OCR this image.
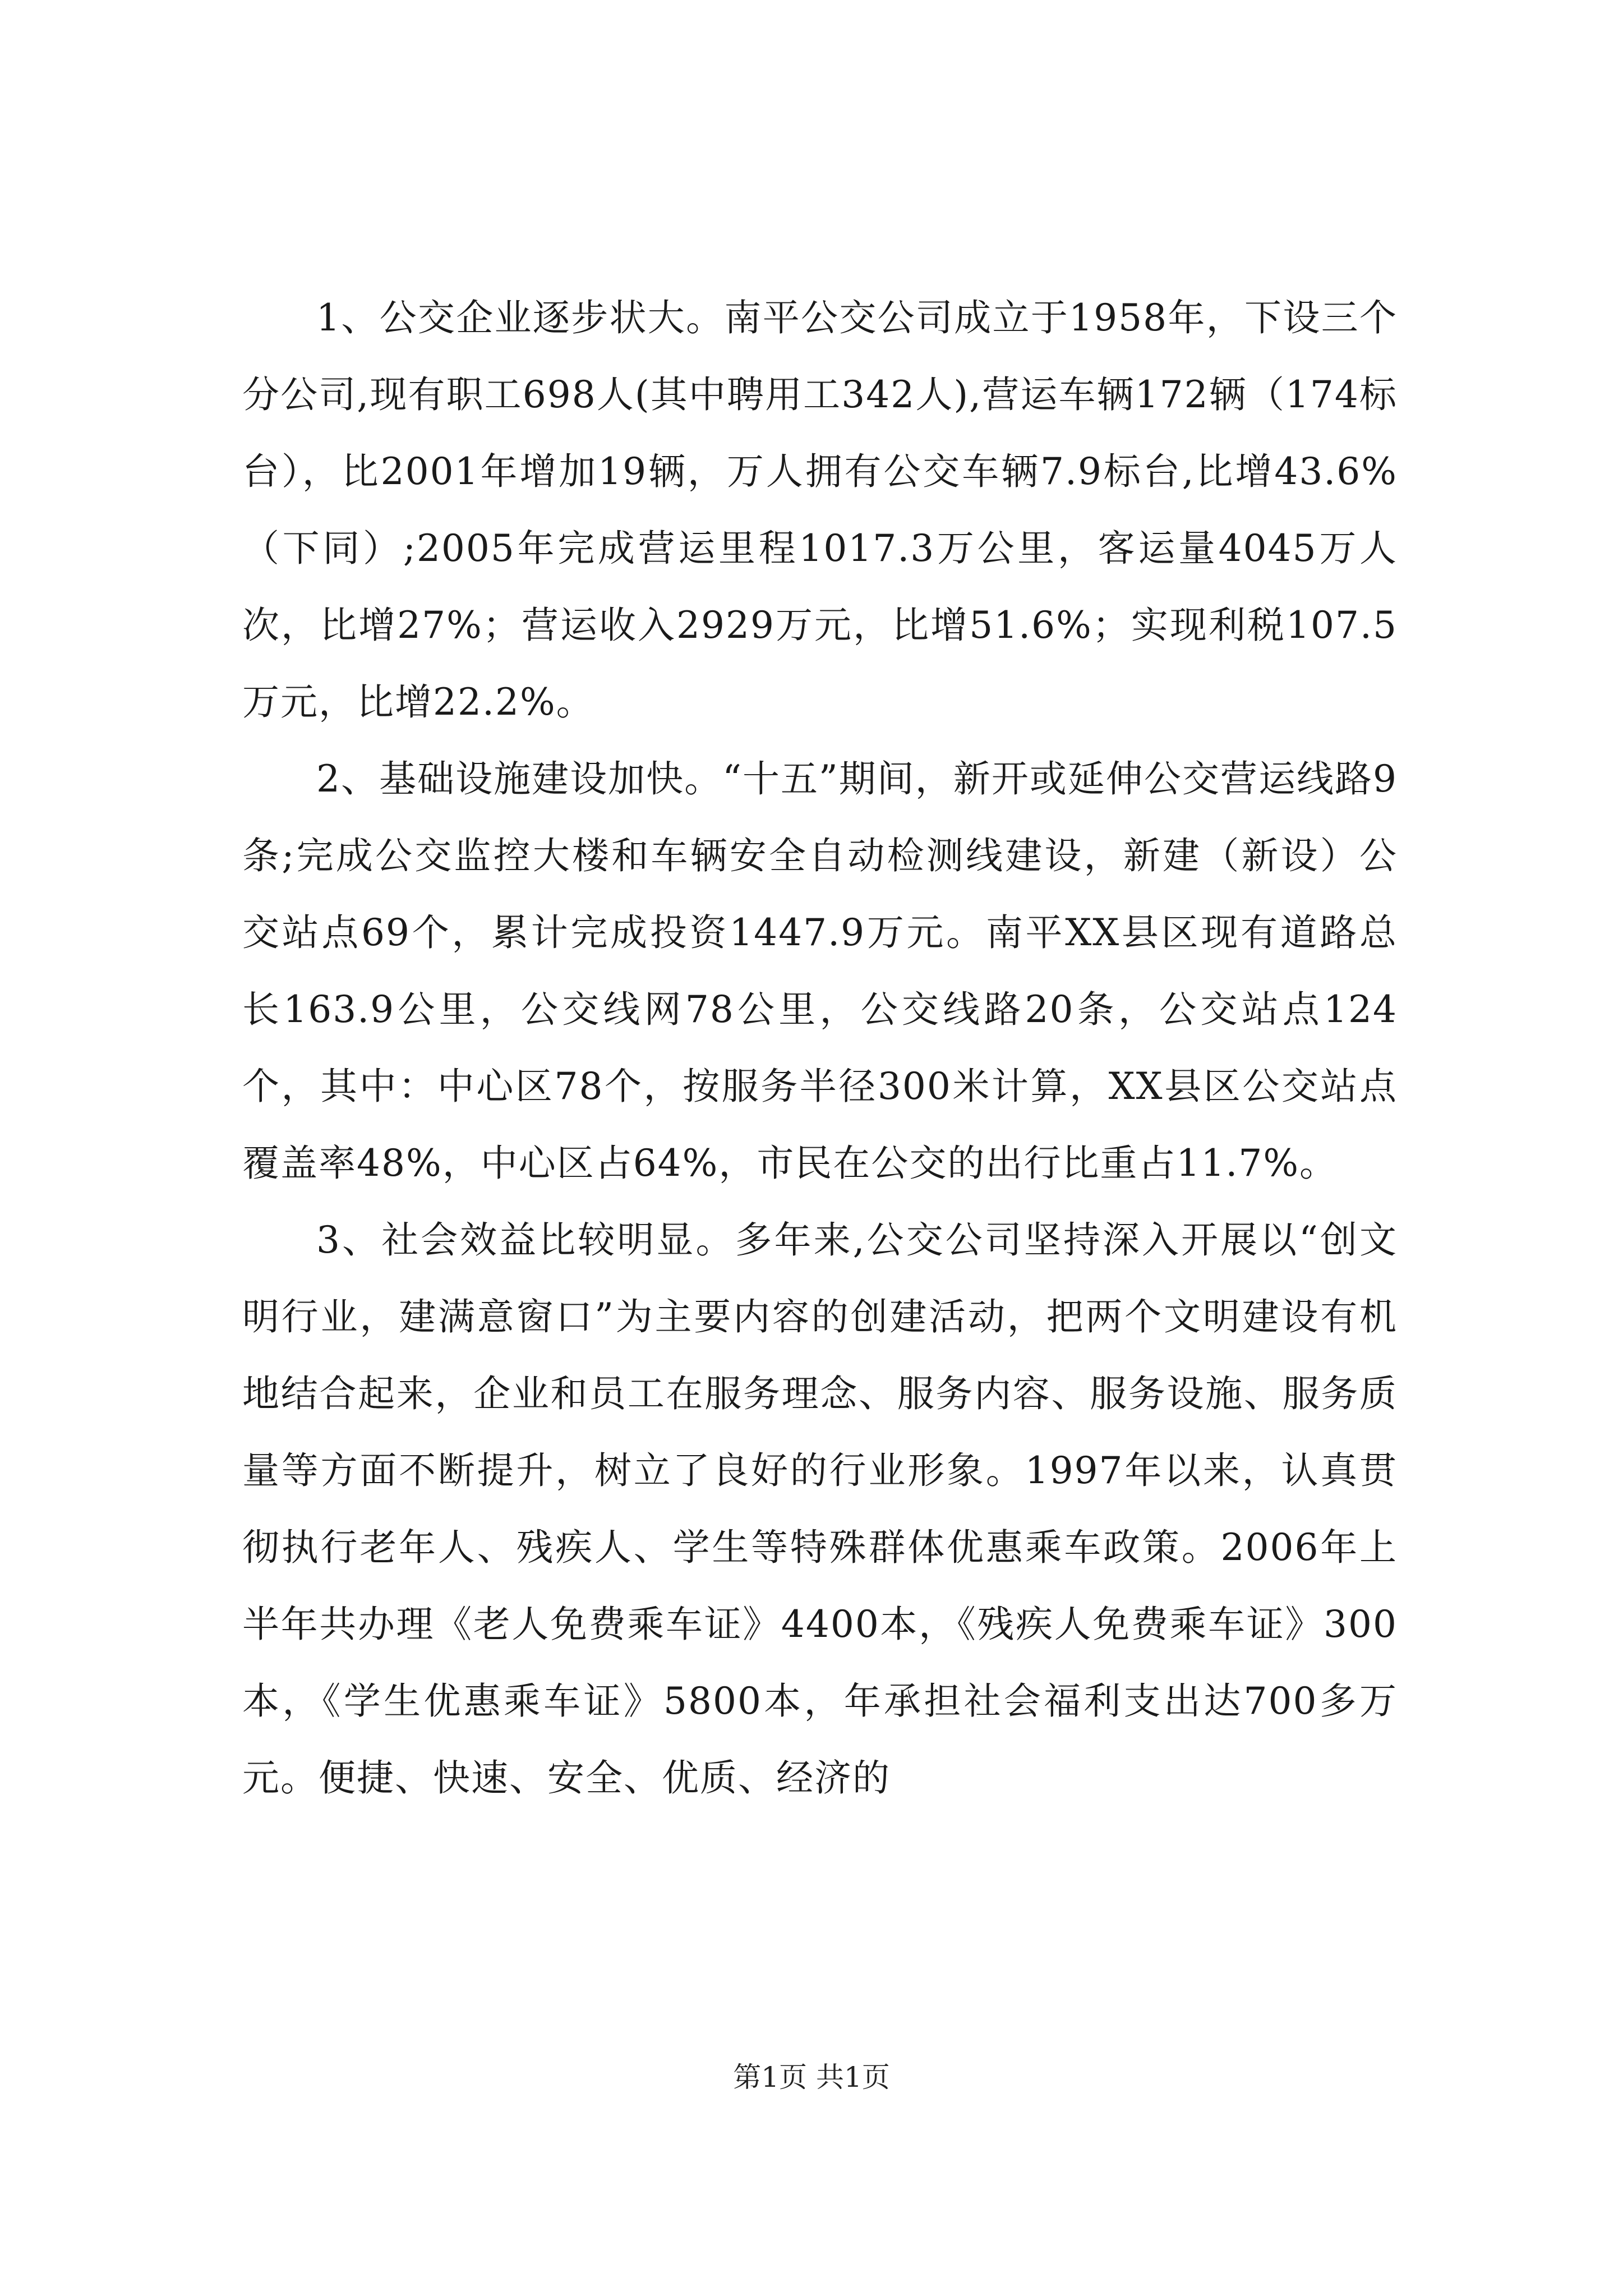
1、公交企业逐步状大。南平公交公司成立于1958年，下设三个分公司,现有职工698人(其中聘用工342人),营运车辆172辆（174标台），比2001年增加19辆，万人拥有公交车辆7.9标台,比增43.6%（下同）;2005年完成营运里程1017.3万公里，客运量4045万人次，比增27%；营运收入2929万元，比增51.6%；实现利税107.5万元，比增22.2%。

2、基础设施建设加快。“十五”期间，新开或延伸公交营运线路9条;完成公交监控大楼和车辆安全自动检测线建设，新建（新设）公交站点69个，累计完成投资1447.9万元。南平XX县区现有道路总长163.9公里，公交线网78公里，公交线路20条，公交站点124个，其中：中心区78个，按服务半径300米计算，XX县区公交站点覆盖率48%，中心区占64%，市民在公交的出行比重占11.7%。

3、社会效益比较明显。多年来,公交公司坚持深入开展以“创文明行业，建满意窗口”为主要内容的创建活动，把两个文明建设有机地结合起来，企业和员工在服务理念、服务内容、服务设施、服务质量等方面不断提升，树立了良好的行业形象。1997年以来，认真贯彻执行老年人、残疾人、学生等特殊群体优惠乘车政策。2006年上半年共办理《老人免费乘车证》4400本，《残疾人免费乘车证》300本，《学生优惠乘车证》5800本，年承担社会福利支出达700多万元。便捷、快速、安全、优质、经济的

第1页 共1页
